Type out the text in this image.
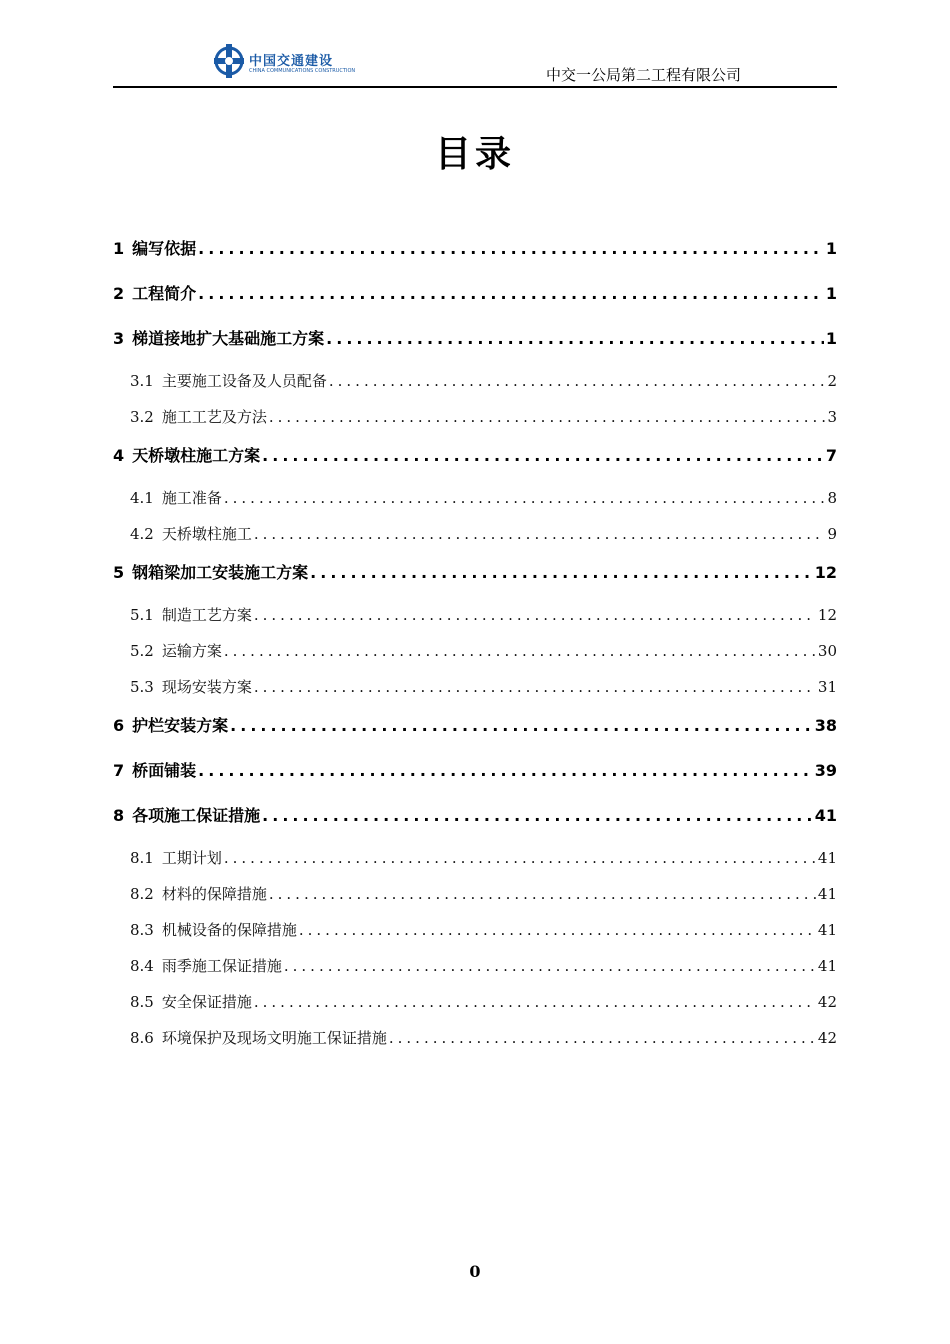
中国交通建设
CHINA COMMUNICATIONS CONSTRUCTION	中交一公局第二工程有限公司
目录
1 编写依据 .....	1
2 工程简介 .....	1
3 梯道接地扩大基础施工方案 .....	1
3.1 主要施工设备及人员配备 .....	2
3.2 施工工艺及方法 .....	3
4 天桥墩柱施工方案 .....	7
4.1 施工准备 .....	8
4.2 天桥墩柱施工 .....	9
5 钢箱梁加工安装施工方案 .....	12
5.1 制造工艺方案 .....	12
5.2 运输方案 .....	30
5.3 现场安装方案 .....	31
6 护栏安装方案 .....	38
7 桥面铺装 .....	39
8 各项施工保证措施 .....	41
8.1 工期计划 .....	41
8.2 材料的保障措施 .....	41
8.3 机械设备的保障措施 .....	41
8.4 雨季施工保证措施 .....	41
8.5 安全保证措施 .....	42
8.6 环境保护及现场文明施工保证措施 .....	42
0
